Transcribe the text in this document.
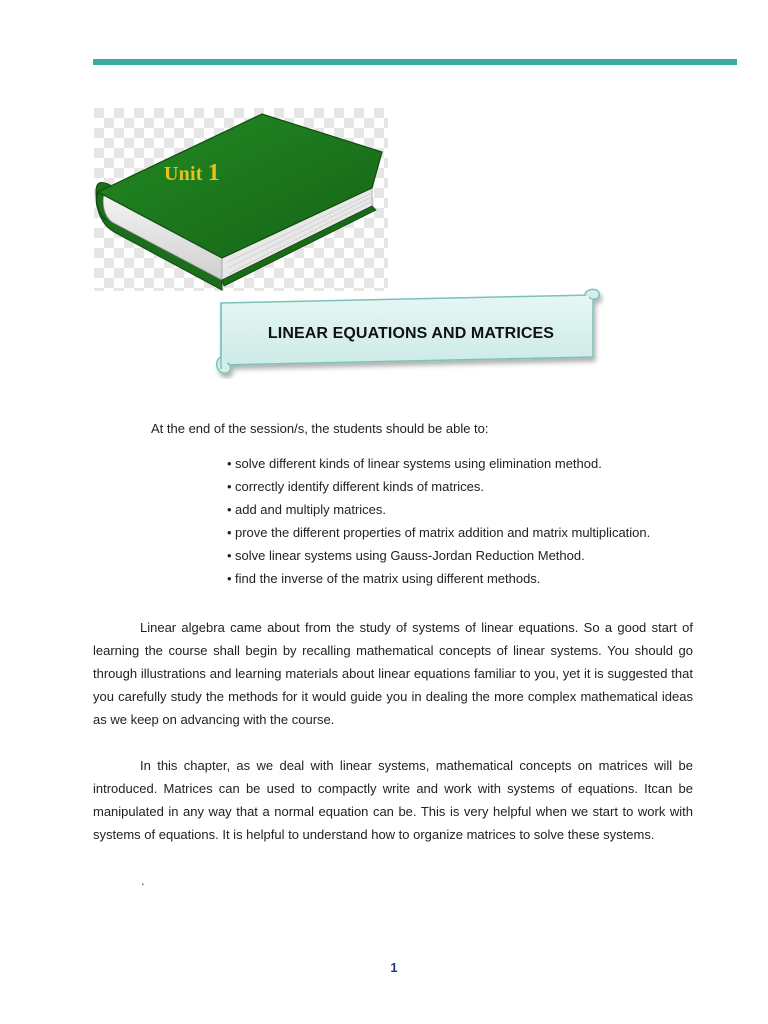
Unit 1
LINEAR EQUATIONS AND MATRICES
At the end of the session/s, the students should be able to:
• solve different kinds of linear systems using elimination method.
• correctly identify different kinds of matrices.
• add and multiply matrices.
• prove the different properties of matrix addition and matrix multiplication.
• solve linear systems using Gauss-Jordan Reduction Method.
• find the inverse of the matrix using different methods.

Linear algebra came about from the study of systems of linear equations. So a good start of learning the course shall begin by recalling mathematical concepts of linear systems. You should go through illustrations and learning materials about linear equations familiar to you, yet it is suggested that you carefully study the methods for it would guide you in dealing the more complex mathematical ideas as we keep on advancing with the course.

In this chapter, as we deal with linear systems, mathematical concepts on matrices will be introduced. Matrices can be used to compactly write and work with systems of equations. Itcan be manipulated in any way that a normal equation can be. This is very helpful when we start to work with systems of equations. It is helpful to understand how to organize matrices to solve these systems.

.
1
